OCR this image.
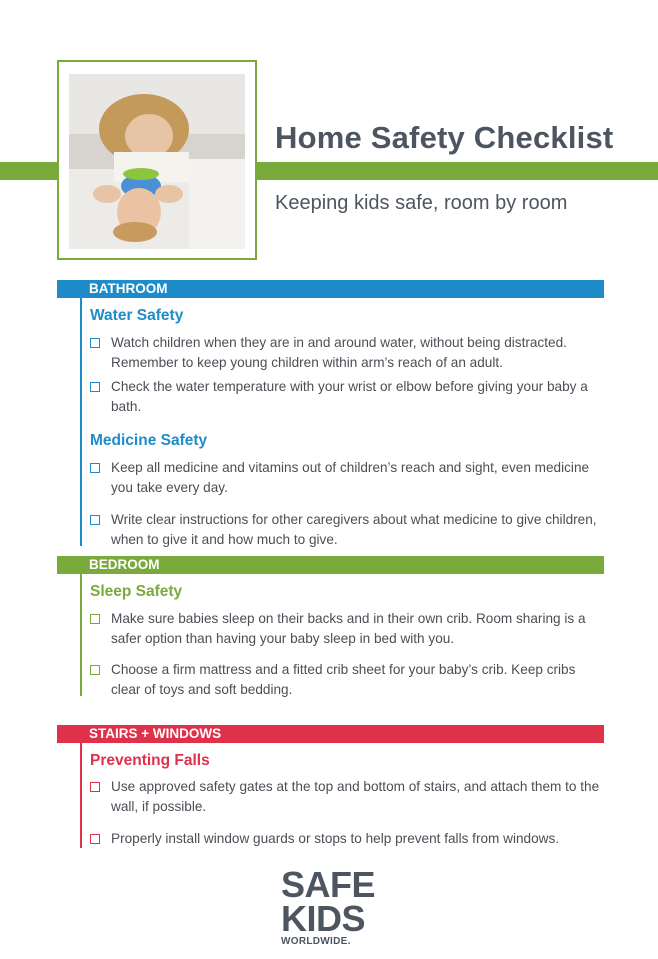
Home Safety Checklist

Keeping kids safe, room by room

BATHROOM
Water Safety
Watch children when they are in and around water, without being distracted. Remember to keep young children within arm’s reach of an adult.
Check the water temperature with your wrist or elbow before giving your baby a bath.
Medicine Safety
Keep all medicine and vitamins out of children’s reach and sight, even medicine you take every day.
Write clear instructions for other caregivers about what medicine to give children, when to give it and how much to give.
BEDROOM
Sleep Safety
Make sure babies sleep on their backs and in their own crib. Room sharing is a safer option than having your baby sleep in bed with you.
Choose a firm mattress and a fitted crib sheet for your baby’s crib. Keep cribs clear of toys and soft bedding.
STAIRS + WINDOWS
Preventing Falls
Use approved safety gates at the top and bottom of stairs, and attach them to the wall, if possible.
Properly install window guards or stops to help prevent falls from windows.
SAFE
KIDS
WORLDWIDE.
